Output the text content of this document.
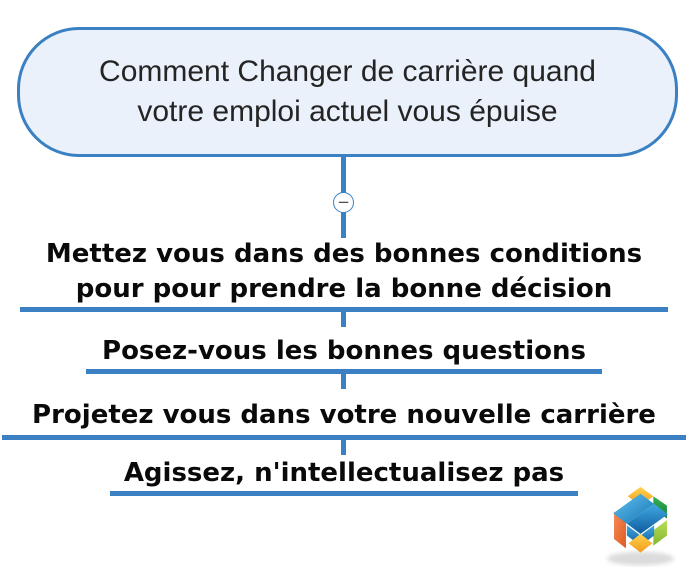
Comment Changer de carrière quand
votre emploi actuel vous épuise
−
Mettez vous dans des bonnes conditions
pour pour prendre la bonne décision
Posez-vous les bonnes questions
Projetez vous dans votre nouvelle carrière
Agissez, n'intellectualisez pas
